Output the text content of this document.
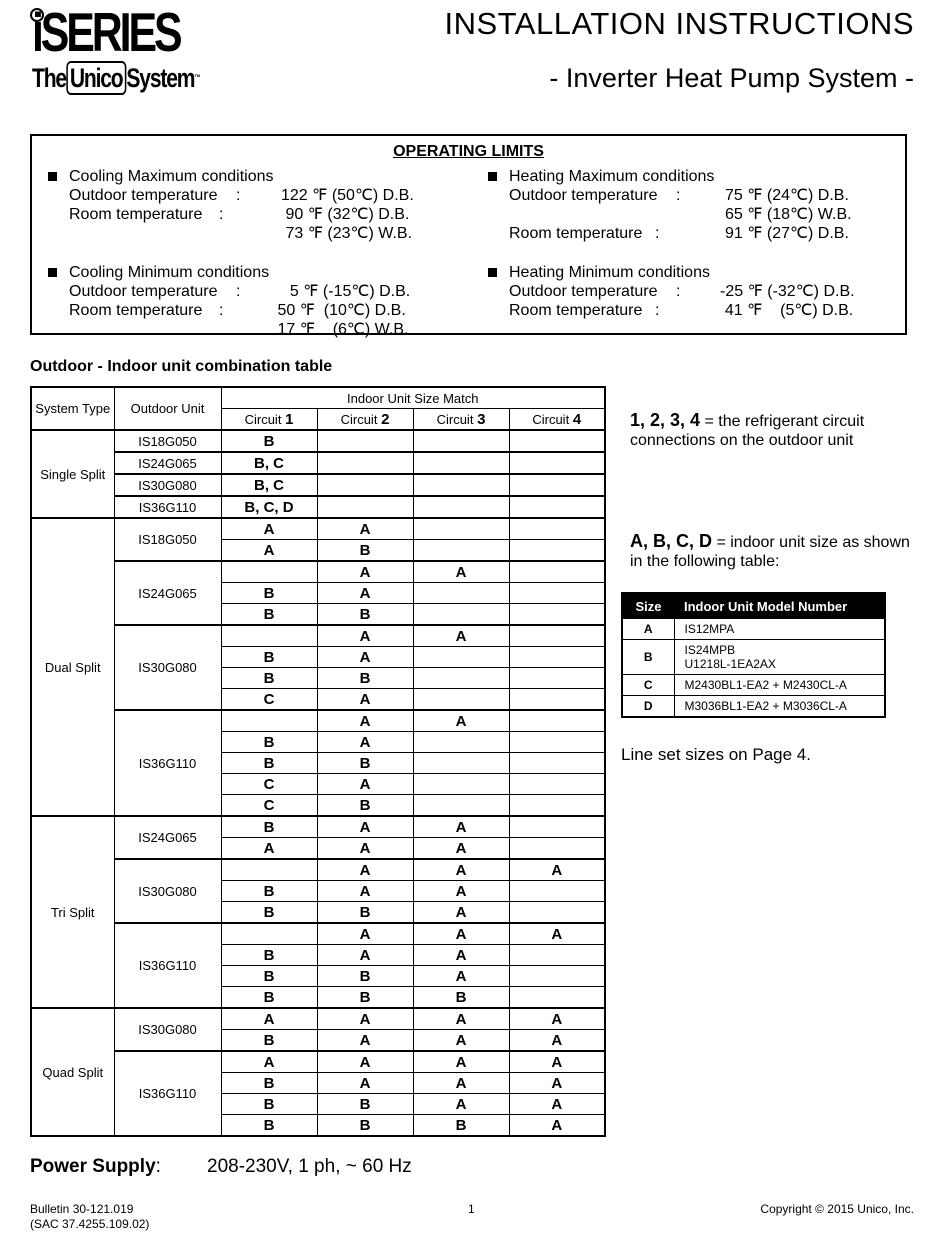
iSERIES
The Unico System™
INSTALLATION INSTRUCTIONS
- Inverter Heat Pump System -
OPERATING LIMITS
Cooling Maximum conditions
Outdoor temperature :	122 ℉ (50℃) D.B.
Room temperature :	90 ℉ (32℃) D.B.
73 ℉ (23℃) W.B.
Cooling Minimum conditions
Outdoor temperature :	5 ℉ (-15℃) D.B.
Room temperature :	50 ℉  (10℃) D.B.
17 ℉    (6℃) W.B.
Heating Maximum conditions
Outdoor temperature :	75 ℉ (24℃) D.B.
65 ℉ (18℃) W.B.
Room temperature :	91 ℉ (27℃) D.B.
Heating Minimum conditions
Outdoor temperature : -25 ℉ (-32℃) D.B.
Room temperature :	41 ℉    (5℃) D.B.
Outdoor - Indoor unit combination table
System Type	Outdoor Unit	Indoor Unit Size Match			
		Circuit 1	Circuit 2	Circuit 3	Circuit 4
Single Split	IS18G050	B			
	IS24G065	B, C			
	IS30G080	B, C			
	IS36G110	B, C, D			
Dual Split	IS18G050	A	A		
		A	B		
	IS24G065		A	A	
		B	A		
		B	B		
	IS30G080		A	A	
		B	A		
		B	B		
		C	A		
	IS36G110		A	A	
		B	A		
		B	B		
		C	A		
		C	B		
Tri Split	IS24G065	B	A	A	
		A	A	A	
	IS30G080		A	A	A
		B	A	A	
		B	B	A	
	IS36G110		A	A	A
		B	A	A	
		B	B	A	
		B	B	B	
Quad Split	IS30G080	A	A	A	A
		B	A	A	A
	IS36G110	A	A	A	A
		B	A	A	A
		B	B	A	A
		B	B	B	A
1, 2, 3, 4 = the refrigerant circuit connections on the outdoor unit
A, B, C, D = indoor unit size as shown in the following table:
Size	Indoor Unit Model Number
A	IS12MPA
B	IS24MPB
U1218L-1EA2AX
C	M2430BL1-EA2 + M2430CL-A
D	M3036BL1-EA2 + M3036CL-A
Line set sizes on Page 4.
Power Supply: 208-230V, 1 ph, ~ 60 Hz
Bulletin 30-121.019
(SAC 37.4255.109.02)
1	Copyright © 2015 Unico, Inc.
